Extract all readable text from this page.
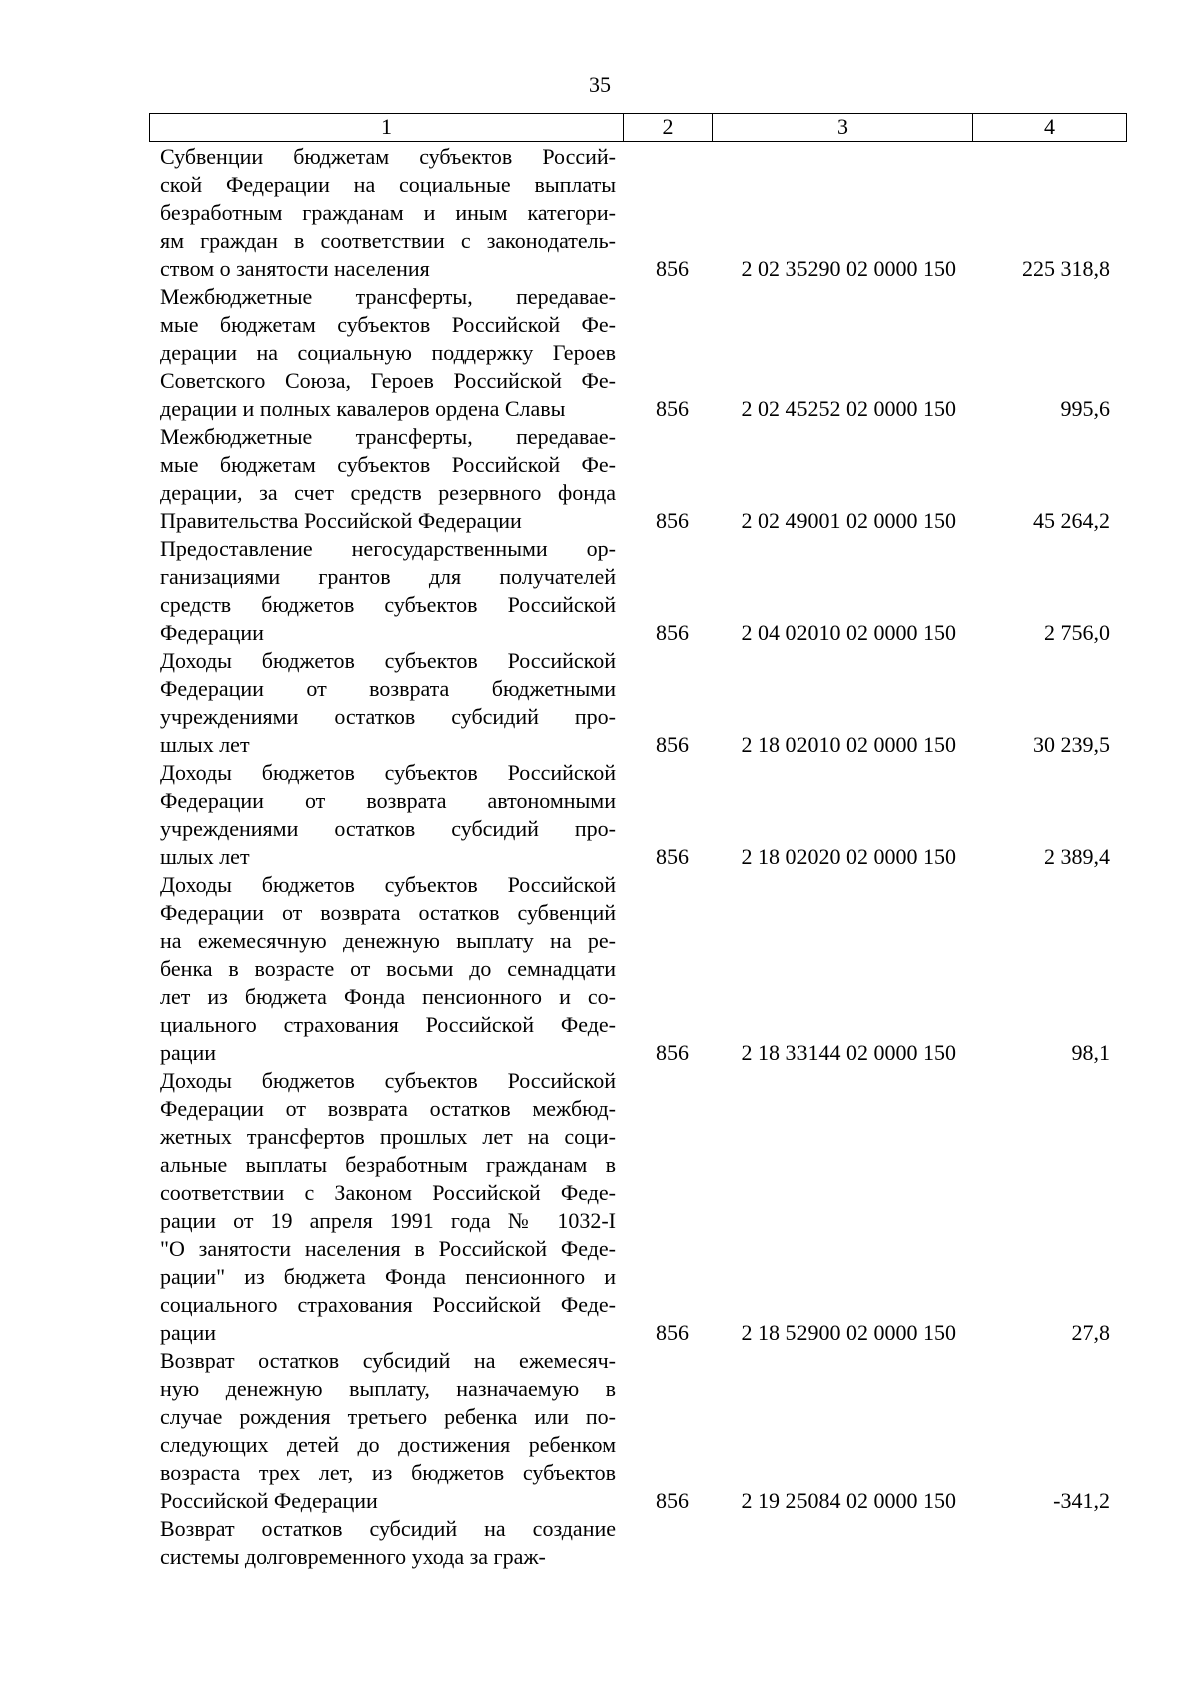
35
1	2	3	4
Субвенции бюджетам субъектов Россий-
ской Федерации на социальные выплаты
безработным гражданам и иным категори-
ям граждан в соответствии с законодатель-
ством о занятости населения	856	2 02 35290 02 0000 150	225 318,8
Межбюджетные трансферты, передавае-
мые бюджетам субъектов Российской Фе-
дерации на социальную поддержку Героев
Советского Союза, Героев Российской Фе-
дерации и полных кавалеров ордена Славы	856	2 02 45252 02 0000 150	995,6
Межбюджетные трансферты, передавае-
мые бюджетам субъектов Российской Фе-
дерации, за счет средств резервного фонда
Правительства Российской Федерации	856	2 02 49001 02 0000 150	45 264,2
Предоставление негосударственными ор-
ганизациями грантов для получателей
средств бюджетов субъектов Российской
Федерации	856	2 04 02010 02 0000 150	2 756,0
Доходы бюджетов субъектов Российской
Федерации от возврата бюджетными
учреждениями остатков субсидий про-
шлых лет	856	2 18 02010 02 0000 150	30 239,5
Доходы бюджетов субъектов Российской
Федерации от возврата автономными
учреждениями остатков субсидий про-
шлых лет	856	2 18 02020 02 0000 150	2 389,4
Доходы бюджетов субъектов Российской
Федерации от возврата остатков субвенций
на ежемесячную денежную выплату на ре-
бенка в возрасте от восьми до семнадцати
лет из бюджета Фонда пенсионного и со-
циального страхования Российской Феде-
рации	856	2 18 33144 02 0000 150	98,1
Доходы бюджетов субъектов Российской
Федерации от возврата остатков межбюд-
жетных трансфертов прошлых лет на соци-
альные выплаты безработным гражданам в
соответствии с Законом Российской Феде-
рации от 19 апреля 1991 года № 1032-I
"О занятости населения в Российской Феде-
рации" из бюджета Фонда пенсионного и
социального страхования Российской Феде-
рации	856	2 18 52900 02 0000 150	27,8
Возврат остатков субсидий на ежемесяч-
ную денежную выплату, назначаемую в
случае рождения третьего ребенка или по-
следующих детей до достижения ребенком
возраста трех лет, из бюджетов субъектов
Российской Федерации	856	2 19 25084 02 0000 150	-341,2
Возврат остатков субсидий на создание
системы долговременного ухода за граж-
